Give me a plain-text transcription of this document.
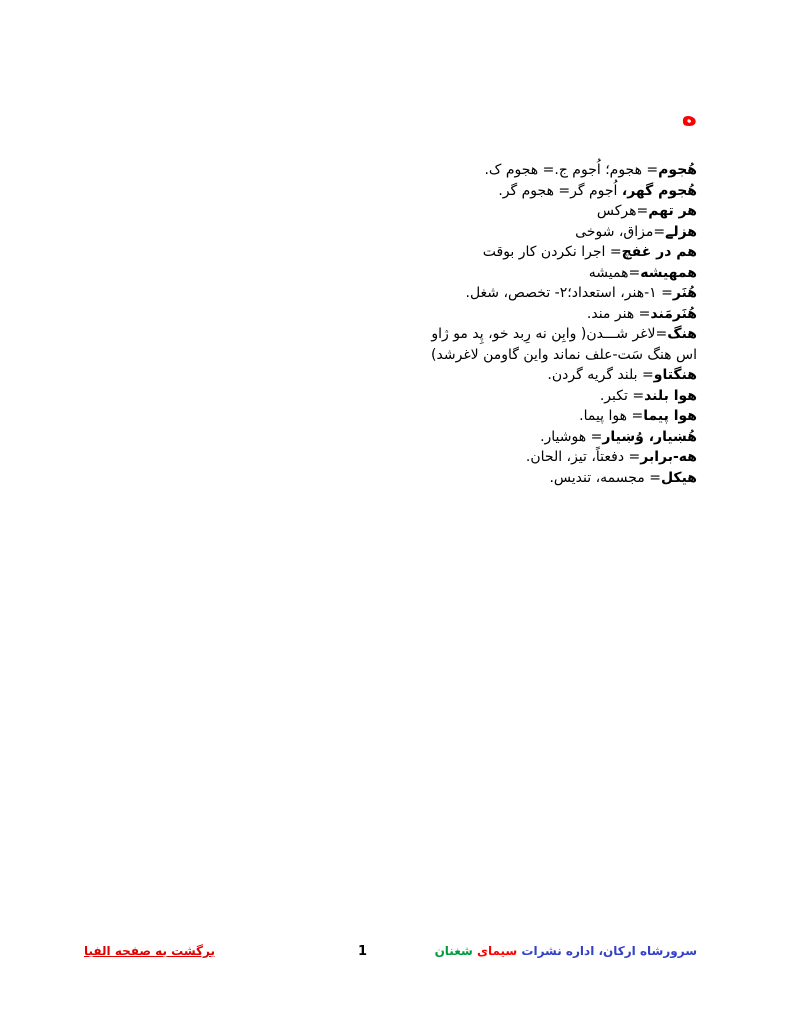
ه
هُجوم= هجوم؛ اُجوم ج.= هجوم ک.
هُجوم گهر، اُجوم گر= هجوم گر.
هر تهم=هرکس
هزلے=مزاق، شوخی
هم در غفچ= اجرا نکردن کار بوقت
همهیشه=همیشه
هُنَر= ۱-هنر، استعداد؛۲- تخصص، شغل.
هُنَرمَند= هنر مند.
هنگ=لاغر شـــدن( وابِن نه رِبد خو، پِد مو ژاو
اس هنگ سَت-علف نماند واین گاومن لاغرشد)
هنگتاو= بلند گریه گردن.
هوا بلند= تکبر.
هوا پیما= هوا پیما.
هُښیار، وُښیار= هوشیار.
هه-برابر= دفعتاً، تیز، الحان.
هیکل= مجسمه، تندیس.
سرورشاه ارکان، اداره نشرات سیمای شغنان
1
برگشت به صفحه الفبا
